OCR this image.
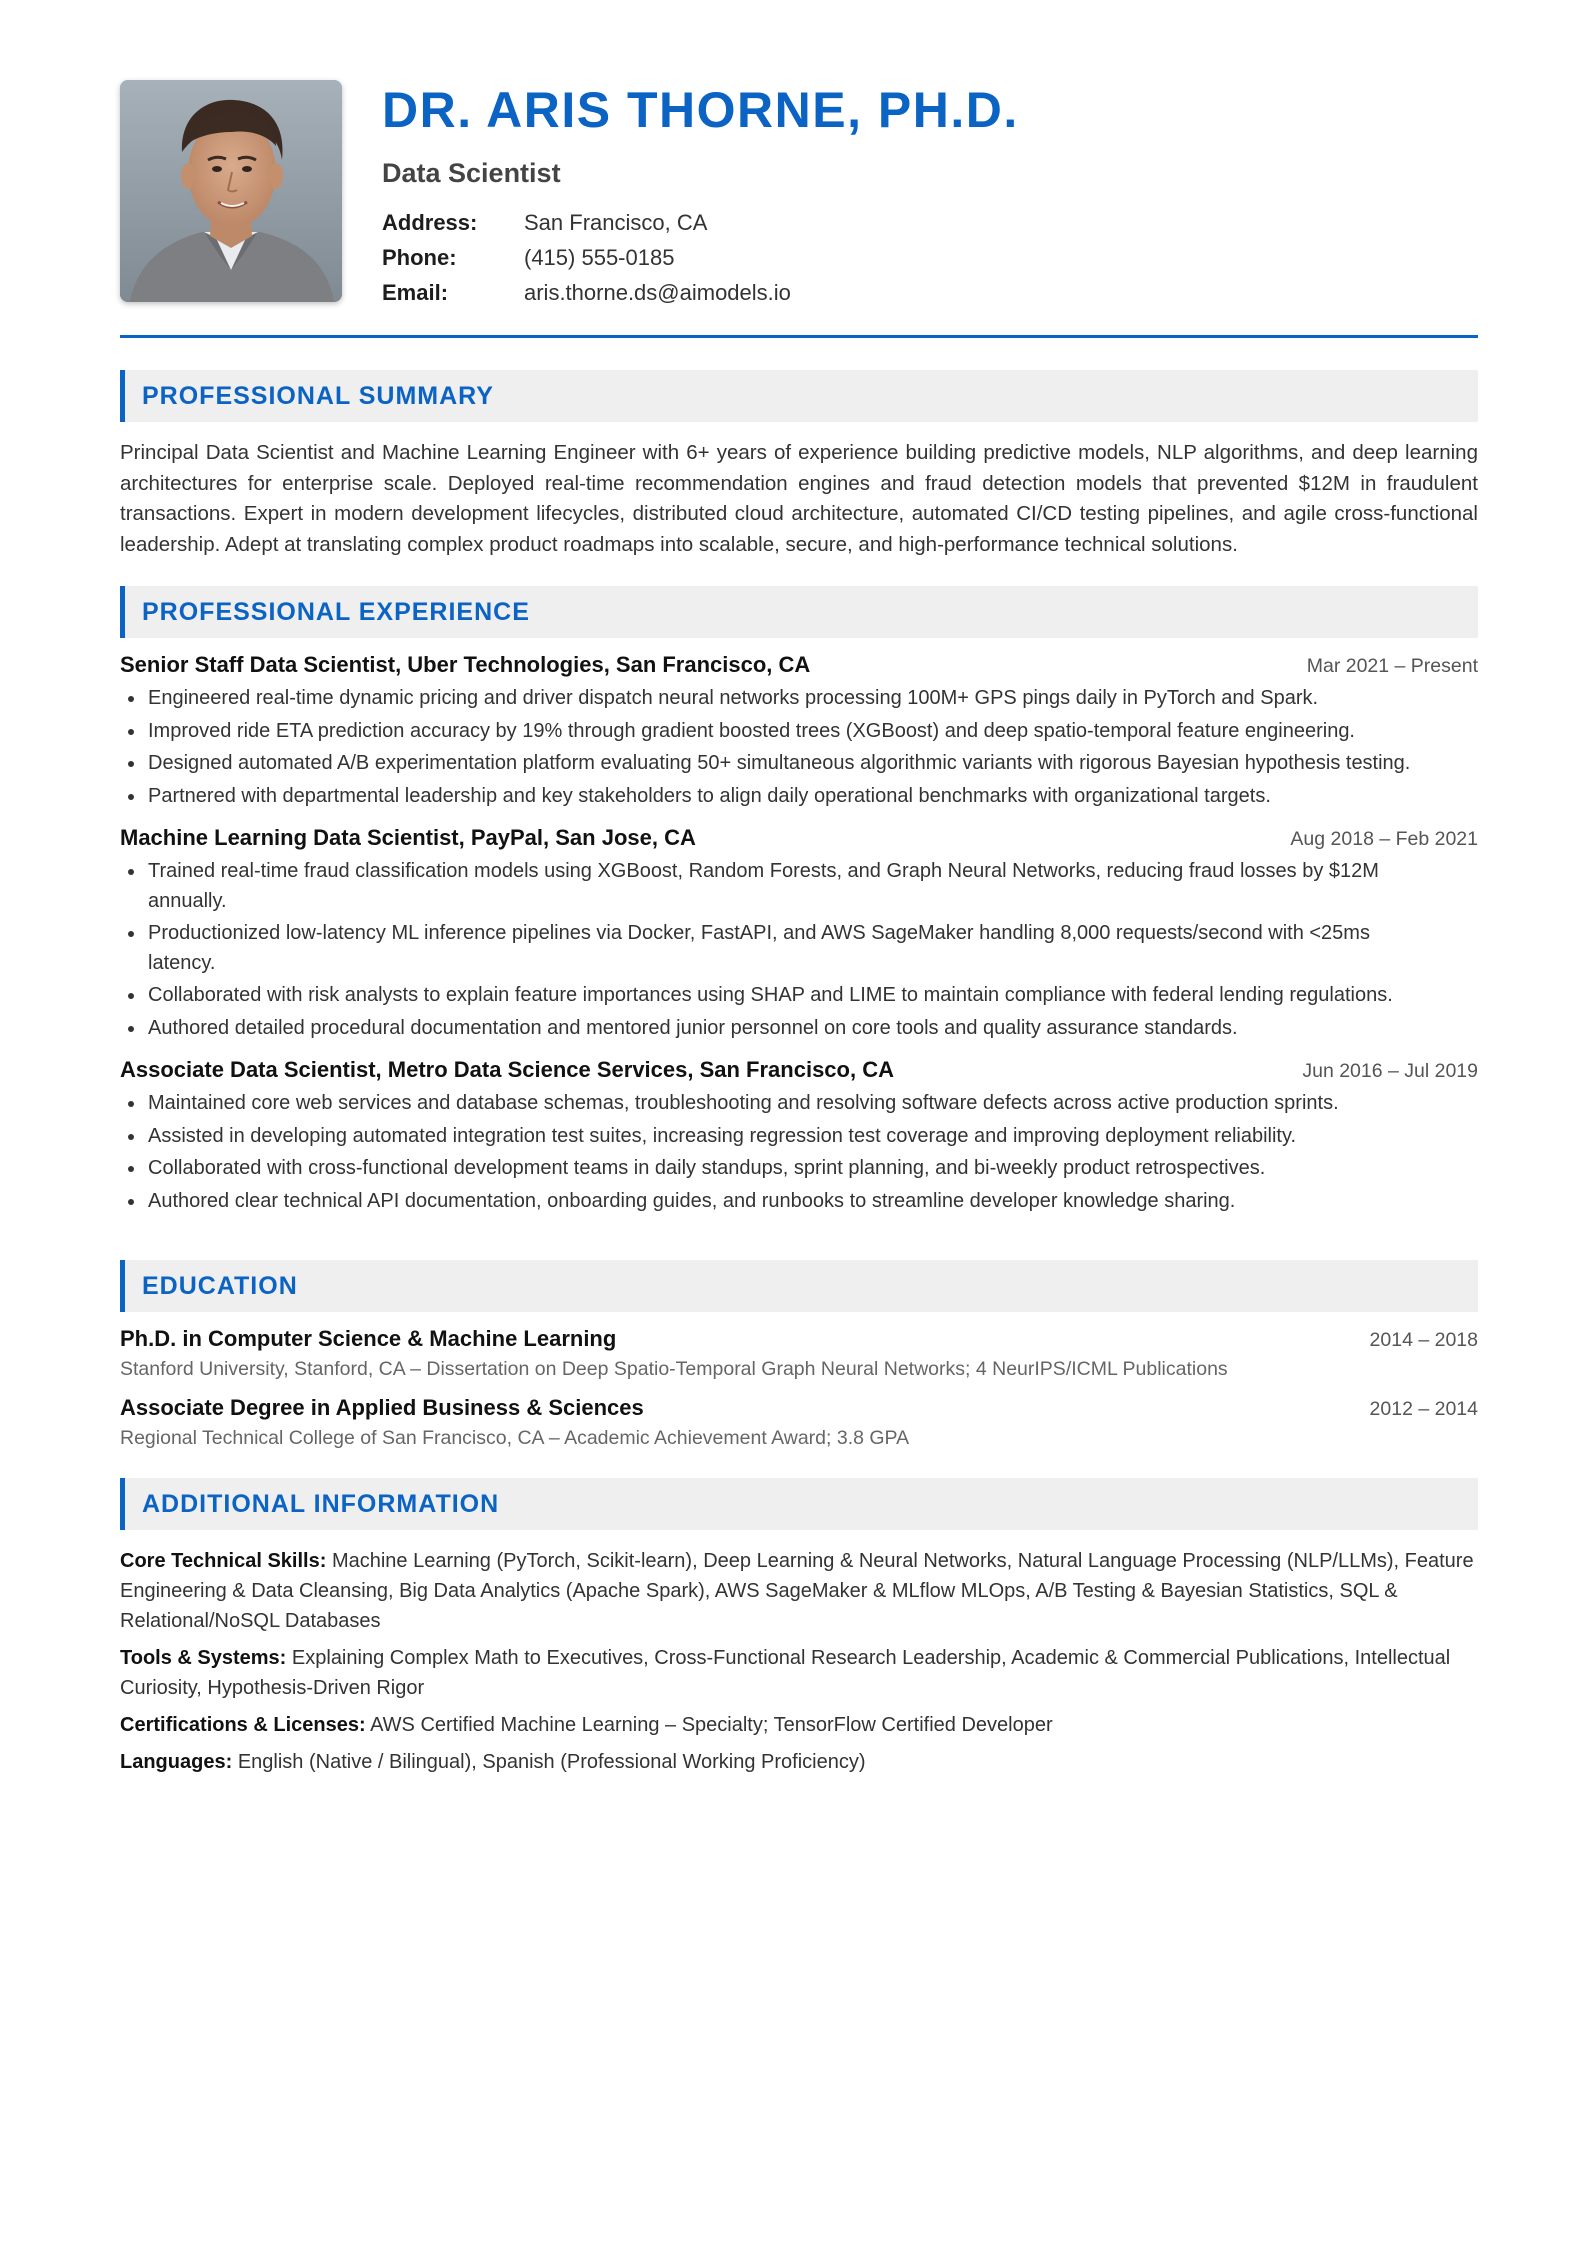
DR. ARIS THORNE, PH.D.
Data Scientist
Address:	San Francisco, CA
Phone:	(415) 555-0185
Email:	aris.thorne.ds@aimodels.io
PROFESSIONAL SUMMARY

Principal Data Scientist and Machine Learning Engineer with 6+ years of experience building predictive models, NLP algorithms, and deep learning architectures for enterprise scale. Deployed real-time recommendation engines and fraud detection models that prevented $12M in fraudulent transactions. Expert in modern development lifecycles, distributed cloud architecture, automated CI/CD testing pipelines, and agile cross-functional leadership. Adept at translating complex product roadmaps into scalable, secure, and high-performance technical solutions.

PROFESSIONAL EXPERIENCE
Senior Staff Data Scientist, Uber Technologies, San Francisco, CA	Mar 2021 – Present
Engineered real-time dynamic pricing and driver dispatch neural networks processing 100M+ GPS pings daily in PyTorch and Spark.
Improved ride ETA prediction accuracy by 19% through gradient boosted trees (XGBoost) and deep spatio-temporal feature engineering.
Designed automated A/B experimentation platform evaluating 50+ simultaneous algorithmic variants with rigorous Bayesian hypothesis testing.
Partnered with departmental leadership and key stakeholders to align daily operational benchmarks with organizational targets.
Machine Learning Data Scientist, PayPal, San Jose, CA	Aug 2018 – Feb 2021
Trained real-time fraud classification models using XGBoost, Random Forests, and Graph Neural Networks, reducing fraud losses by $12M annually.
Productionized low-latency ML inference pipelines via Docker, FastAPI, and AWS SageMaker handling 8,000 requests/second with <25ms latency.
Collaborated with risk analysts to explain feature importances using SHAP and LIME to maintain compliance with federal lending regulations.
Authored detailed procedural documentation and mentored junior personnel on core tools and quality assurance standards.
Associate Data Scientist, Metro Data Science Services, San Francisco, CA	Jun 2016 – Jul 2019
Maintained core web services and database schemas, troubleshooting and resolving software defects across active production sprints.
Assisted in developing automated integration test suites, increasing regression test coverage and improving deployment reliability.
Collaborated with cross-functional development teams in daily standups, sprint planning, and bi-weekly product retrospectives.
Authored clear technical API documentation, onboarding guides, and runbooks to streamline developer knowledge sharing.
EDUCATION
Ph.D. in Computer Science & Machine Learning	2014 – 2018
Stanford University, Stanford, CA – Dissertation on Deep Spatio-Temporal Graph Neural Networks; 4 NeurIPS/ICML Publications
Associate Degree in Applied Business & Sciences	2012 – 2014
Regional Technical College of San Francisco, CA – Academic Achievement Award; 3.8 GPA
ADDITIONAL INFORMATION
Core Technical Skills: Machine Learning (PyTorch, Scikit-learn), Deep Learning & Neural Networks, Natural Language Processing (NLP/LLMs), Feature Engineering & Data Cleansing, Big Data Analytics (Apache Spark), AWS SageMaker & MLflow MLOps, A/B Testing & Bayesian Statistics, SQL & Relational/NoSQL Databases
Tools & Systems: Explaining Complex Math to Executives, Cross-Functional Research Leadership, Academic & Commercial Publications, Intellectual Curiosity, Hypothesis-Driven Rigor
Certifications & Licenses: AWS Certified Machine Learning – Specialty; TensorFlow Certified Developer
Languages: English (Native / Bilingual), Spanish (Professional Working Proficiency)
